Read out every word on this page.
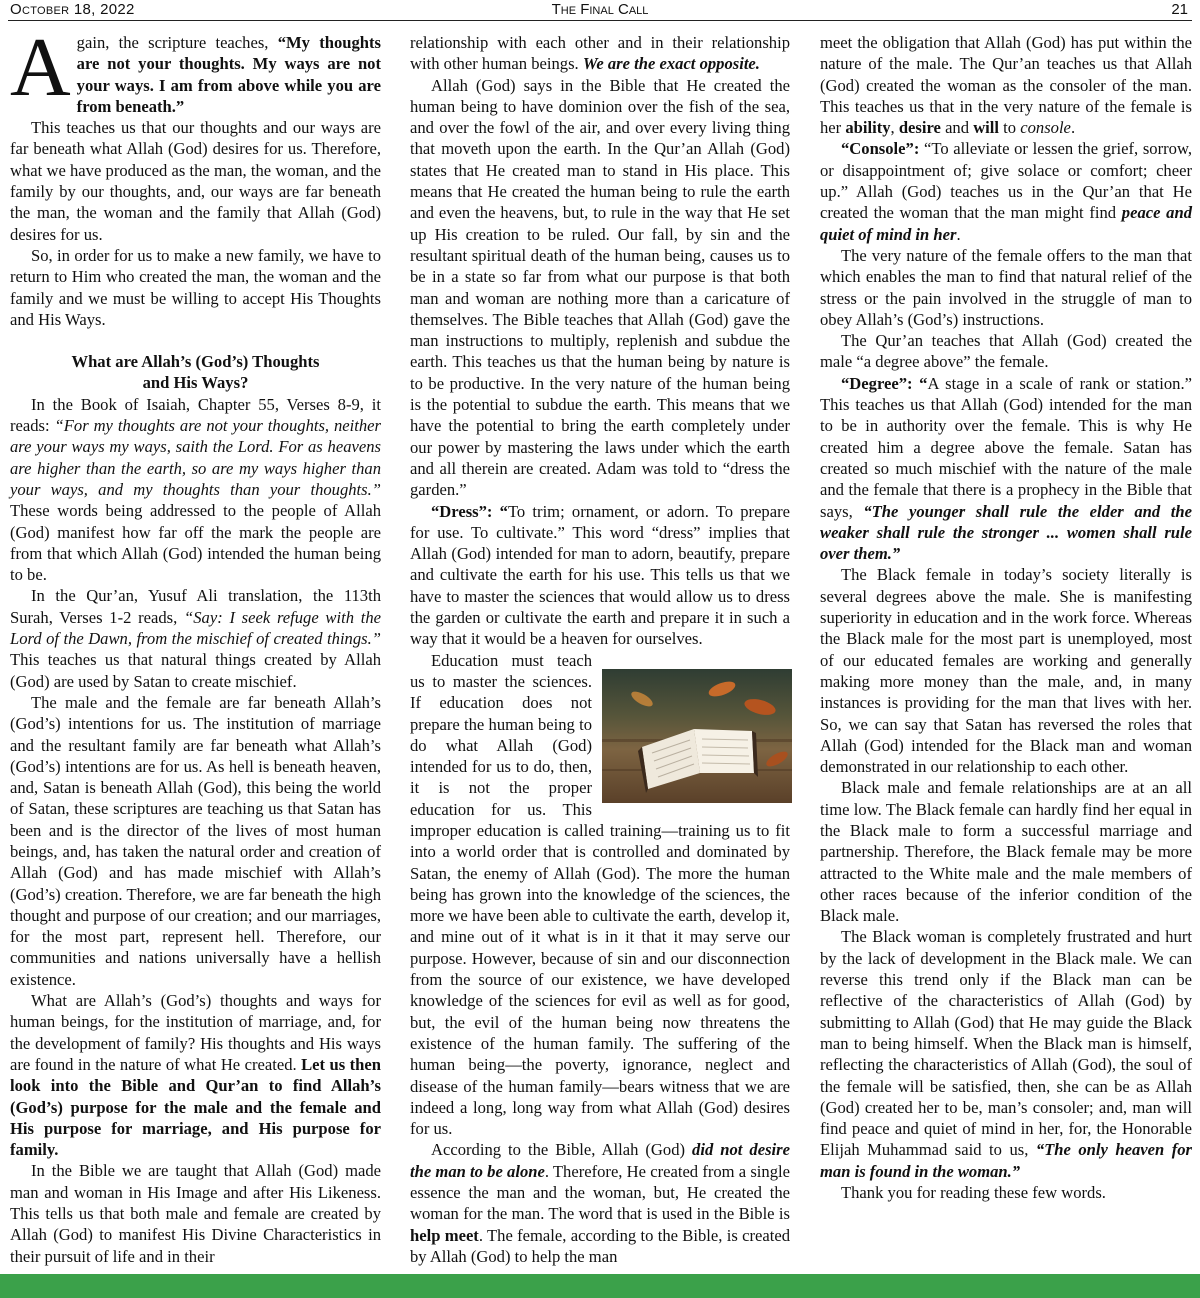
October 18, 2022	The Final Call	21

Again, the scripture teaches, “My thoughts are not your thoughts. My ways are not your ways. I am from above while you are from beneath.”

This teaches us that our thoughts and our ways are far beneath what Allah (God) desires for us. Therefore, what we have produced as the man, the woman, and the family by our thoughts, and, our ways are far beneath the man, the woman and the family that Allah (God) desires for us.

So, in order for us to make a new family, we have to return to Him who created the man, the woman and the family and we must be willing to accept His Thoughts and His Ways.

What are Allah’s (God’s) Thoughts
and His Ways?

In the Book of Isaiah, Chapter 55, Verses 8-9, it reads: “For my thoughts are not your thoughts, neither are your ways my ways, saith the Lord. For as heavens are higher than the earth, so are my ways higher than your ways, and my thoughts than your thoughts.” These words being addressed to the people of Allah (God) manifest how far off the mark the people are from that which Allah (God) intended the human being to be.

In the Qur’an, Yusuf Ali translation, the 113th Surah, Verses 1-2 reads, “Say: I seek refuge with the Lord of the Dawn, from the mischief of created things.” This teaches us that natural things created by Allah (God) are used by Satan to create mischief.

The male and the female are far beneath Allah’s (God’s) intentions for us. The institution of marriage and the resultant family are far beneath what Allah’s (God’s) intentions are for us. As hell is beneath heaven, and, Satan is beneath Allah (God), this being the world of Satan, these scriptures are teaching us that Satan has been and is the director of the lives of most human beings, and, has taken the natural order and creation of Allah (God) and has made mischief with Allah’s (God’s) creation. Therefore, we are far beneath the high thought and purpose of our creation; and our marriages, for the most part, represent hell. Therefore, our communities and nations universally have a hellish existence.

What are Allah’s (God’s) thoughts and ways for human beings, for the institution of marriage, and, for the development of family? His thoughts and His ways are found in the nature of what He created. Let us then look into the Bible and Qur’an to find Allah’s (God’s) purpose for the male and the female and His purpose for marriage, and His purpose for family.

In the Bible we are taught that Allah (God) made man and woman in His Image and after His Likeness. This tells us that both male and female are created by Allah (God) to manifest His Divine Characteristics in their pursuit of life and in their

relationship with each other and in their relationship with other human beings. We are the exact opposite.

Allah (God) says in the Bible that He created the human being to have dominion over the fish of the sea, and over the fowl of the air, and over every living thing that moveth upon the earth. In the Qur’an Allah (God) states that He created man to stand in His place. This means that He created the human being to rule the earth and even the heavens, but, to rule in the way that He set up His creation to be ruled. Our fall, by sin and the resultant spiritual death of the human being, causes us to be in a state so far from what our purpose is that both man and woman are nothing more than a caricature of themselves. The Bible teaches that Allah (God) gave the man instructions to multiply, replenish and subdue the earth. This teaches us that the human being by nature is to be productive. In the very nature of the human being is the potential to subdue the earth. This means that we have the potential to bring the earth completely under our power by mastering the laws under which the earth and all therein are created. Adam was told to “dress the garden.”

“Dress”: “To trim; ornament, or adorn. To prepare for use. To cultivate.” This word “dress” implies that Allah (God) intended for man to adorn, beautify, prepare and cultivate the earth for his use. This tells us that we have to master the sciences that would allow us to dress the garden or cultivate the earth and prepare it in such a way that it would be a heaven for ourselves.

Education must teach us to master the sciences. If education does not prepare the human being to do what Allah (God) intended for us to do, then, it is not the proper education for us. This improper education is called training—training us to fit into a world order that is controlled and dominated by Satan, the enemy of Allah (God). The more the human being has grown into the knowledge of the sciences, the more we have been able to cultivate the earth, develop it, and mine out of it what is in it that it may serve our purpose. However, because of sin and our disconnection from the source of our existence, we have developed knowledge of the sciences for evil as well as for good, but, the evil of the human being now threatens the existence of the human family. The suffering of the human being—the poverty, ignorance, neglect and disease of the human family—bears witness that we are indeed a long, long way from what Allah (God) desires for us.

According to the Bible, Allah (God) did not desire the man to be alone. Therefore, He created from a single essence the man and the woman, but, He created the woman for the man. The word that is used in the Bible is help meet. The female, according to the Bible, is created by Allah (God) to help the man

meet the obligation that Allah (God) has put within the nature of the male. The Qur’an teaches us that Allah (God) created the woman as the consoler of the man. This teaches us that in the very nature of the female is her ability, desire and will to console.

“Console”: “To alleviate or lessen the grief, sorrow, or disappointment of; give solace or comfort; cheer up.” Allah (God) teaches us in the Qur’an that He created the woman that the man might find peace and quiet of mind in her.

The very nature of the female offers to the man that which enables the man to find that natural relief of the stress or the pain involved in the struggle of man to obey Allah’s (God’s) instructions.

The Qur’an teaches that Allah (God) created the male “a degree above” the female.

“Degree”: “A stage in a scale of rank or station.” This teaches us that Allah (God) intended for the man to be in authority over the female. This is why He created him a degree above the female. Satan has created so much mischief with the nature of the male and the female that there is a prophecy in the Bible that says, “The younger shall rule the elder and the weaker shall rule the stronger ... women shall rule over them.”

The Black female in today’s society literally is several degrees above the male. She is manifesting superiority in education and in the work force. Whereas the Black male for the most part is unemployed, most of our educated females are working and generally making more money than the male, and, in many instances is providing for the man that lives with her. So, we can say that Satan has reversed the roles that Allah (God) intended for the Black man and woman demonstrated in our relationship to each other.

Black male and female relationships are at an all time low. The Black female can hardly find her equal in the Black male to form a successful marriage and partnership. Therefore, the Black female may be more attracted to the White male and the male members of other races because of the inferior condition of the Black male.

The Black woman is completely frustrated and hurt by the lack of development in the Black male. We can reverse this trend only if the Black man can be reflective of the characteristics of Allah (God) by submitting to Allah (God) that He may guide the Black man to being himself. When the Black man is himself, reflecting the characteristics of Allah (God), the soul of the female will be satisfied, then, she can be as Allah (God) created her to be, man’s consoler; and, man will find peace and quiet of mind in her, for, the Honorable Elijah Muhammad said to us, “The only heaven for man is found in the woman.”

Thank you for reading these few words.
